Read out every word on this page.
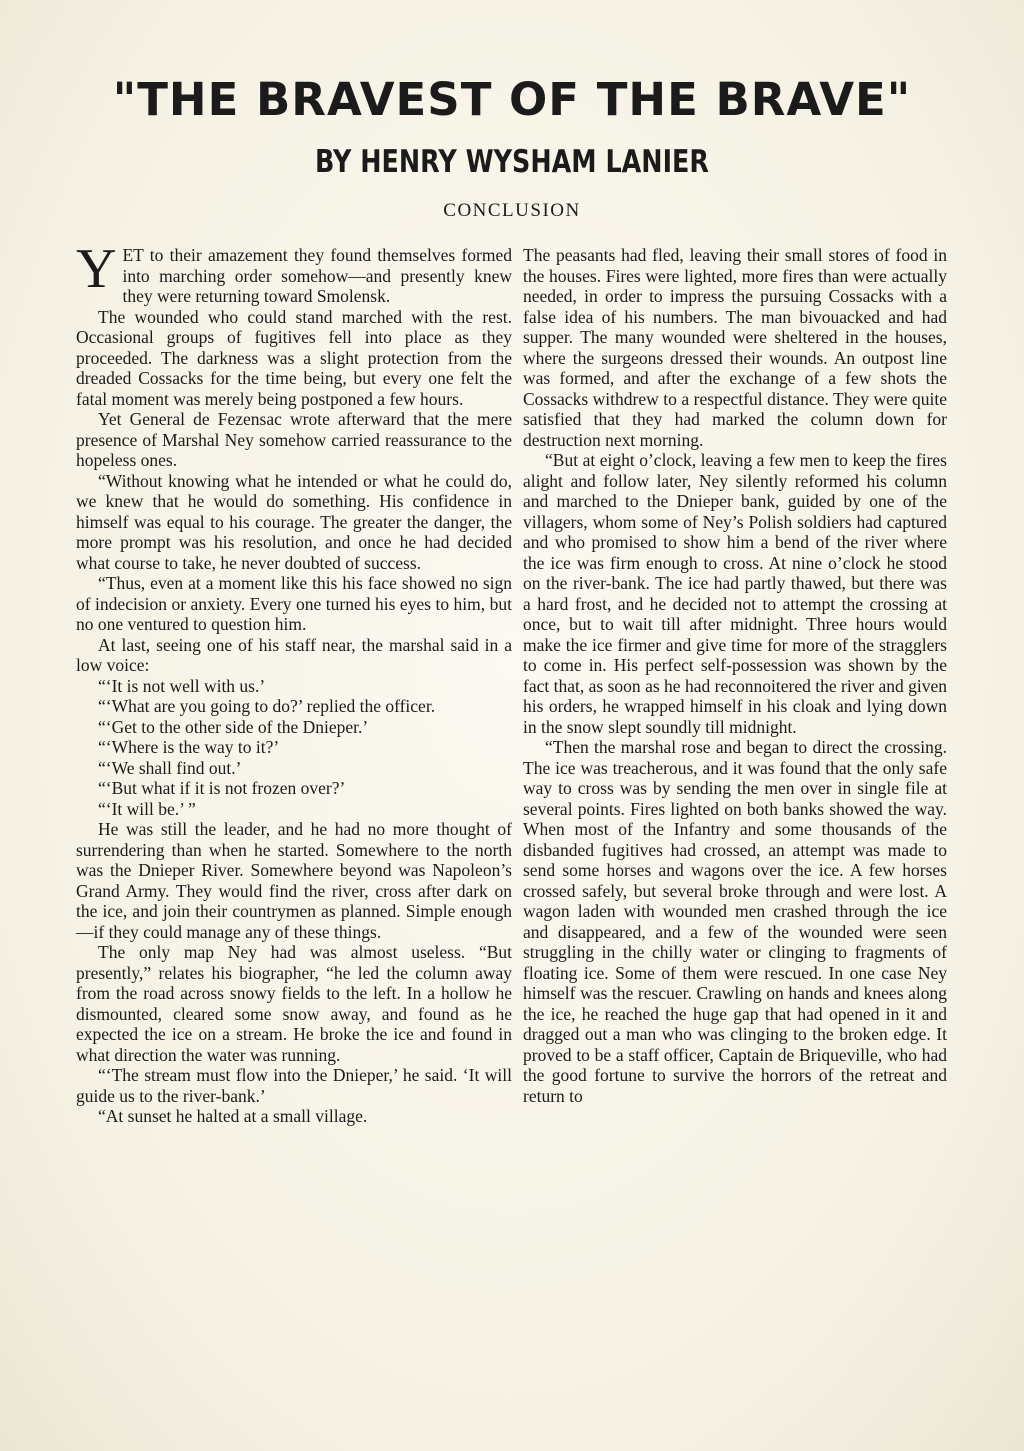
"THE BRAVEST OF THE BRAVE"
BY HENRY WYSHAM LANIER
CONCLUSION

YET to their amazement they found themselves formed into marching order somehow—and presently knew they were returning toward Smolensk.

The wounded who could stand marched with the rest. Occasional groups of fugitives fell into place as they proceeded. The darkness was a slight protection from the dreaded Cossacks for the time being, but every one felt the fatal moment was merely being postponed a few hours.

Yet General de Fezensac wrote afterward that the mere presence of Marshal Ney somehow carried reassurance to the hopeless ones.

“Without knowing what he intended or what he could do, we knew that he would do something. His confidence in himself was equal to his courage. The greater the danger, the more prompt was his resolution, and once he had decided what course to take, he never doubted of success.

“Thus, even at a moment like this his face showed no sign of indecision or anxiety. Every one turned his eyes to him, but no one ventured to question him.

At last, seeing one of his staff near, the marshal said in a low voice:

“‘It is not well with us.’

“‘What are you going to do?’ replied the officer.

“‘Get to the other side of the Dnieper.’

“‘Where is the way to it?’

“‘We shall find out.’

“‘But what if it is not frozen over?’

“‘It will be.’ ”

He was still the leader, and he had no more thought of surrendering than when he started. Somewhere to the north was the Dnieper River. Somewhere beyond was Napoleon’s Grand Army. They would find the river, cross after dark on the ice, and join their countrymen as planned. Simple enough—if they could manage any of these things.

The only map Ney had was almost useless. “But presently,” relates his biographer, “he led the column away from the road across snowy fields to the left. In a hollow he dismounted, cleared some snow away, and found as he expected the ice on a stream. He broke the ice and found in what direction the water was running.

“‘The stream must flow into the Dnieper,’ he said. ‘It will guide us to the river-bank.’

“At sunset he halted at a small village.

The peasants had fled, leaving their small stores of food in the houses. Fires were lighted, more fires than were actually needed, in order to impress the pursuing Cossacks with a false idea of his numbers. The man bivouacked and had supper. The many wounded were sheltered in the houses, where the surgeons dressed their wounds. An outpost line was formed, and after the exchange of a few shots the Cossacks withdrew to a respectful distance. They were quite satisfied that they had marked the column down for destruction next morning.

“But at eight o’clock, leaving a few men to keep the fires alight and follow later, Ney silently reformed his column and marched to the Dnieper bank, guided by one of the villagers, whom some of Ney’s Polish soldiers had captured and who promised to show him a bend of the river where the ice was firm enough to cross. At nine o’clock he stood on the river-bank. The ice had partly thawed, but there was a hard frost, and he decided not to attempt the crossing at once, but to wait till after midnight. Three hours would make the ice firmer and give time for more of the stragglers to come in. His perfect self-possession was shown by the fact that, as soon as he had reconnoitered the river and given his orders, he wrapped himself in his cloak and lying down in the snow slept soundly till midnight.

“Then the marshal rose and began to direct the crossing. The ice was treacherous, and it was found that the only safe way to cross was by sending the men over in single file at several points. Fires lighted on both banks showed the way. When most of the Infantry and some thousands of the disbanded fugitives had crossed, an attempt was made to send some horses and wagons over the ice. A few horses crossed safely, but several broke through and were lost. A wagon laden with wounded men crashed through the ice and disappeared, and a few of the wounded were seen struggling in the chilly water or clinging to fragments of floating ice. Some of them were rescued. In one case Ney himself was the rescuer. Crawling on hands and knees along the ice, he reached the huge gap that had opened in it and dragged out a man who was clinging to the broken edge. It proved to be a staff officer, Captain de Briqueville, who had the good fortune to survive the horrors of the retreat and return to
